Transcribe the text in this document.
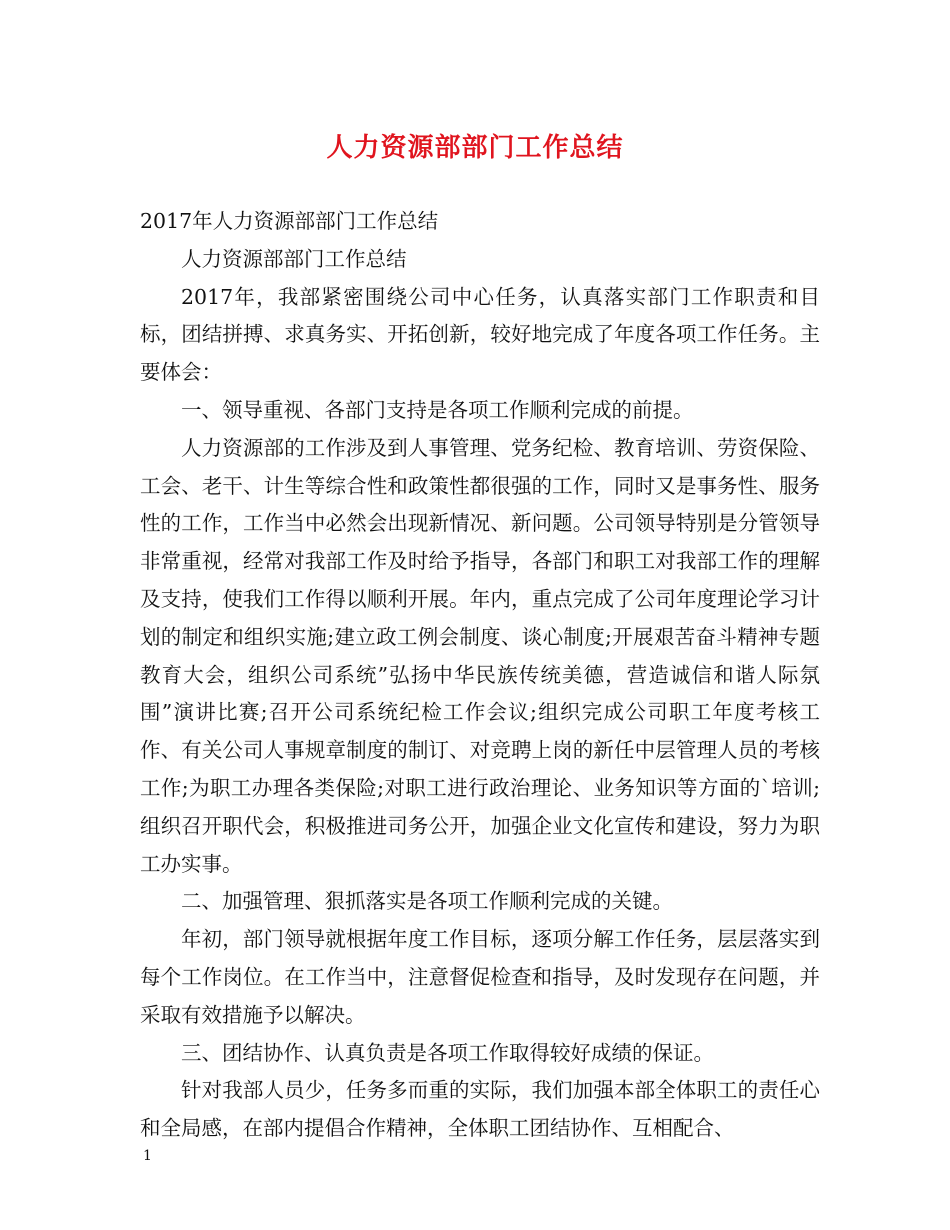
人力资源部部门工作总结

2017年人力资源部部门工作总结

人力资源部部门工作总结

2017年，我部紧密围绕公司中心任务，认真落实部门工作职责和目标，团结拼搏、求真务实、开拓创新，较好地完成了年度各项工作任务。主要体会：

一、领导重视、各部门支持是各项工作顺利完成的前提。

人力资源部的工作涉及到人事管理、党务纪检、教育培训、劳资保险、工会、老干、计生等综合性和政策性都很强的工作，同时又是事务性、服务性的工作，工作当中必然会出现新情况、新问题。公司领导特别是分管领导非常重视，经常对我部工作及时给予指导，各部门和职工对我部工作的理解及支持，使我们工作得以顺利开展。年内，重点完成了公司年度理论学习计划的制定和组织实施;建立政工例会制度、谈心制度;开展艰苦奋斗精神专题教育大会，组织公司系统”弘扬中华民族传统美德，营造诚信和谐人际氛围”演讲比赛;召开公司系统纪检工作会议;组织完成公司职工年度考核工作、有关公司人事规章制度的制订、对竞聘上岗的新任中层管理人员的考核工作;为职工办理各类保险;对职工进行政治理论、业务知识等方面的`培训;组织召开职代会，积极推进司务公开，加强企业文化宣传和建设，努力为职工办实事。

二、加强管理、狠抓落实是各项工作顺利完成的关键。

年初，部门领导就根据年度工作目标，逐项分解工作任务，层层落实到每个工作岗位。在工作当中，注意督促检查和指导，及时发现存在问题，并采取有效措施予以解决。

三、团结协作、认真负责是各项工作取得较好成绩的保证。

针对我部人员少，任务多而重的实际，我们加强本部全体职工的责任心和全局感，在部内提倡合作精神，全体职工团结协作、互相配合、

1
